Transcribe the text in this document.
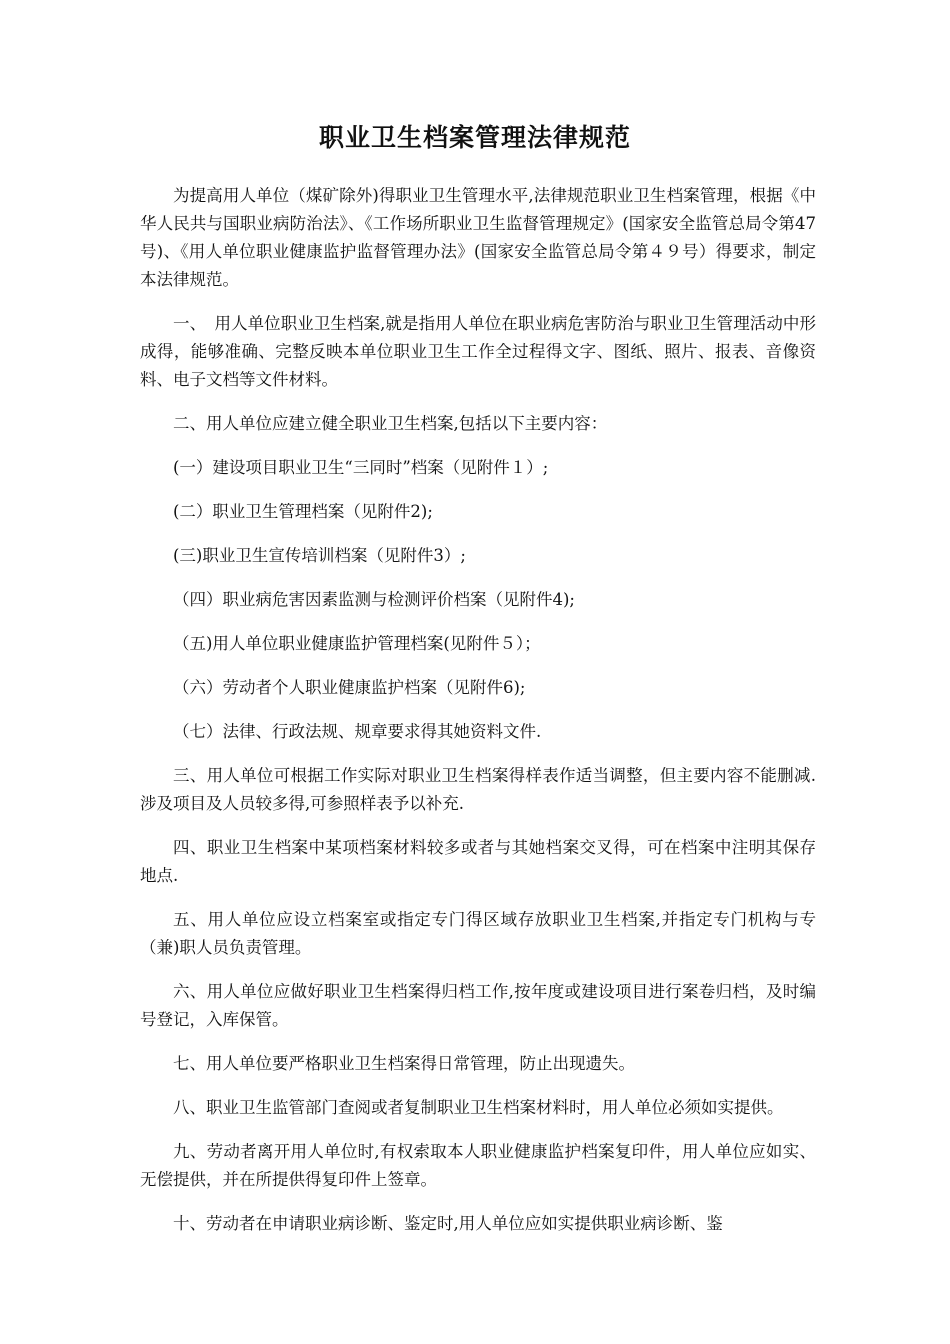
职业卫生档案管理法律规范

为提高用人单位（煤矿除外)得职业卫生管理水平,法律规范职业卫生档案管理，根据《中华人民共与国职业病防治法》、《工作场所职业卫生监督管理规定》(国家安全监管总局令第47号)、《用人单位职业健康监护监督管理办法》(国家安全监管总局令第４９号）得要求，制定本法律规范。

一、　用人单位职业卫生档案,就是指用人单位在职业病危害防治与职业卫生管理活动中形成得，能够准确、完整反映本单位职业卫生工作全过程得文字、图纸、照片、报表、音像资料、电子文档等文件材料。

二、用人单位应建立健全职业卫生档案,包括以下主要内容：

(一）建设项目职业卫生“三同时”档案（见附件１）;

(二）职业卫生管理档案（见附件2);

(三)职业卫生宣传培训档案（见附件3）;

（四）职业病危害因素监测与检测评价档案（见附件4);

（五)用人单位职业健康监护管理档案(见附件５）；

（六）劳动者个人职业健康监护档案（见附件6);

（七）法律、行政法规、规章要求得其她资料文件.

三、用人单位可根据工作实际对职业卫生档案得样表作适当调整，但主要内容不能删减.涉及项目及人员较多得,可参照样表予以补充.

四、职业卫生档案中某项档案材料较多或者与其她档案交叉得，可在档案中注明其保存地点.

五、用人单位应设立档案室或指定专门得区域存放职业卫生档案,并指定专门机构与专（兼)职人员负责管理。

六、用人单位应做好职业卫生档案得归档工作,按年度或建设项目进行案卷归档，及时编号登记，入库保管。

七、用人单位要严格职业卫生档案得日常管理，防止出现遗失。

八、职业卫生监管部门查阅或者复制职业卫生档案材料时，用人单位必须如实提供。

九、劳动者离开用人单位时,有权索取本人职业健康监护档案复印件，用人单位应如实、无偿提供，并在所提供得复印件上签章。

十、劳动者在申请职业病诊断、鉴定时,用人单位应如实提供职业病诊断、鉴
